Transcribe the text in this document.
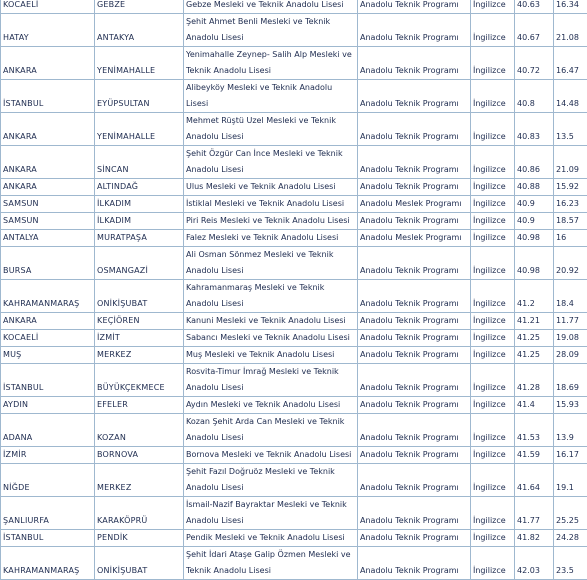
KOCAELİ	GEBZE	Gebze Mesleki ve Teknik Anadolu Lisesi	Anadolu Teknik Programı	İngilizce	40.63	16.34
HATAY	ANTAKYA	Şehit Ahmet Benli Mesleki ve Teknik Anadolu Lisesi	Anadolu Teknik Programı	İngilizce	40.67	21.08
ANKARA	YENİMAHALLE	Yenimahalle Zeynep- Salih Alp Mesleki ve Teknik Anadolu Lisesi	Anadolu Teknik Programı	İngilizce	40.72	16.47
İSTANBUL	EYÜPSULTAN	Alibeyköy Mesleki ve Teknik Anadolu Lisesi	Anadolu Teknik Programı	İngilizce	40.8	14.48
ANKARA	YENİMAHALLE	Mehmet Rüştü Uzel Mesleki ve Teknik Anadolu Lisesi	Anadolu Teknik Programı	İngilizce	40.83	13.5
ANKARA	SİNCAN	Şehit Özgür Can İnce Mesleki ve Teknik Anadolu Lisesi	Anadolu Teknik Programı	İngilizce	40.86	21.09
ANKARA	ALTINDAĞ	Ulus Mesleki ve Teknik Anadolu Lisesi	Anadolu Teknik Programı	İngilizce	40.88	15.92
SAMSUN	İLKADIM	İstiklal Mesleki ve Teknik Anadolu Lisesi	Anadolu Meslek Programı	İngilizce	40.9	16.23
SAMSUN	İLKADIM	Piri Reis Mesleki ve Teknik Anadolu Lisesi	Anadolu Teknik Programı	İngilizce	40.9	18.57
ANTALYA	MURATPAŞA	Falez Mesleki ve Teknik Anadolu Lisesi	Anadolu Meslek Programı	İngilizce	40.98	16
BURSA	OSMANGAZİ	Ali Osman Sönmez Mesleki ve Teknik Anadolu Lisesi	Anadolu Teknik Programı	İngilizce	40.98	20.92
KAHRAMANMARAŞ	ONİKİŞUBAT	Kahramanmaraş Mesleki ve Teknik Anadolu Lisesi	Anadolu Teknik Programı	İngilizce	41.2	18.4
ANKARA	KEÇİÖREN	Kanuni Mesleki ve Teknik Anadolu Lisesi	Anadolu Teknik Programı	İngilizce	41.21	11.77
KOCAELİ	İZMİT	Sabancı Mesleki ve Teknik Anadolu Lisesi	Anadolu Teknik Programı	İngilizce	41.25	19.08
MUŞ	MERKEZ	Muş Mesleki ve Teknik Anadolu Lisesi	Anadolu Teknik Programı	İngilizce	41.25	28.09
İSTANBUL	BÜYÜKÇEKMECE	Rosvita-Timur İmrağ Mesleki ve Teknik Anadolu Lisesi	Anadolu Teknik Programı	İngilizce	41.28	18.69
AYDIN	EFELER	Aydın Mesleki ve Teknik Anadolu Lisesi	Anadolu Teknik Programı	İngilizce	41.4	15.93
ADANA	KOZAN	Kozan Şehit Arda Can Mesleki ve Teknik Anadolu Lisesi	Anadolu Teknik Programı	İngilizce	41.53	13.9
İZMİR	BORNOVA	Bornova Mesleki ve Teknik Anadolu Lisesi	Anadolu Teknik Programı	İngilizce	41.59	16.17
NİĞDE	MERKEZ	Şehit Fazıl Doğruöz Mesleki ve Teknik Anadolu Lisesi	Anadolu Teknik Programı	İngilizce	41.64	19.1
ŞANLIURFA	KARAKÖPRÜ	İsmail-Nazif Bayraktar Mesleki ve Teknik Anadolu Lisesi	Anadolu Teknik Programı	İngilizce	41.77	25.25
İSTANBUL	PENDİK	Pendik Mesleki ve Teknik Anadolu Lisesi	Anadolu Teknik Programı	İngilizce	41.82	24.28
KAHRAMANMARAŞ	ONİKİŞUBAT	Şehit İdari Ataşe Galip Özmen Mesleki ve Teknik Anadolu Lisesi	Anadolu Teknik Programı	İngilizce	42.03	23.5
